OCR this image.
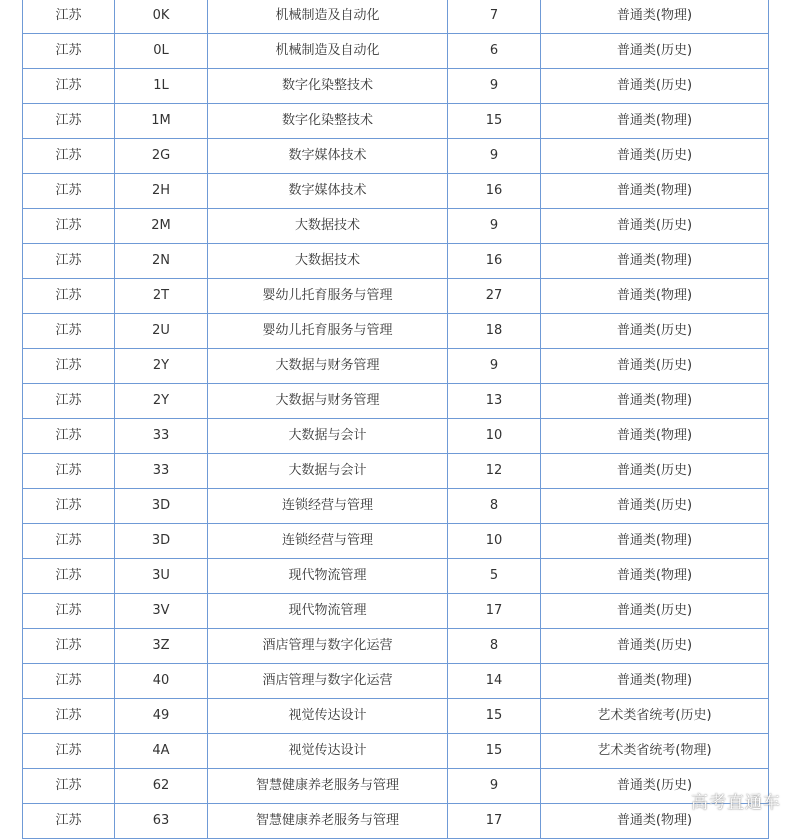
江苏	0K	机械制造及自动化	7	普通类(物理)
江苏	0L	机械制造及自动化	6	普通类(历史)
江苏	1L	数字化染整技术	9	普通类(历史)
江苏	1M	数字化染整技术	15	普通类(物理)
江苏	2G	数字媒体技术	9	普通类(历史)
江苏	2H	数字媒体技术	16	普通类(物理)
江苏	2M	大数据技术	9	普通类(历史)
江苏	2N	大数据技术	16	普通类(物理)
江苏	2T	婴幼儿托育服务与管理	27	普通类(物理)
江苏	2U	婴幼儿托育服务与管理	18	普通类(历史)
江苏	2Y	大数据与财务管理	9	普通类(历史)
江苏	2Y	大数据与财务管理	13	普通类(物理)
江苏	33	大数据与会计	10	普通类(物理)
江苏	33	大数据与会计	12	普通类(历史)
江苏	3D	连锁经营与管理	8	普通类(历史)
江苏	3D	连锁经营与管理	10	普通类(物理)
江苏	3U	现代物流管理	5	普通类(物理)
江苏	3V	现代物流管理	17	普通类(历史)
江苏	3Z	酒店管理与数字化运营	8	普通类(历史)
江苏	40	酒店管理与数字化运营	14	普通类(物理)
江苏	49	视觉传达设计	15	艺术类省统考(历史)
江苏	4A	视觉传达设计	15	艺术类省统考(物理)
江苏	62	智慧健康养老服务与管理	9	普通类(历史)
江苏	63	智慧健康养老服务与管理	17	普通类(物理)
高考直通车
